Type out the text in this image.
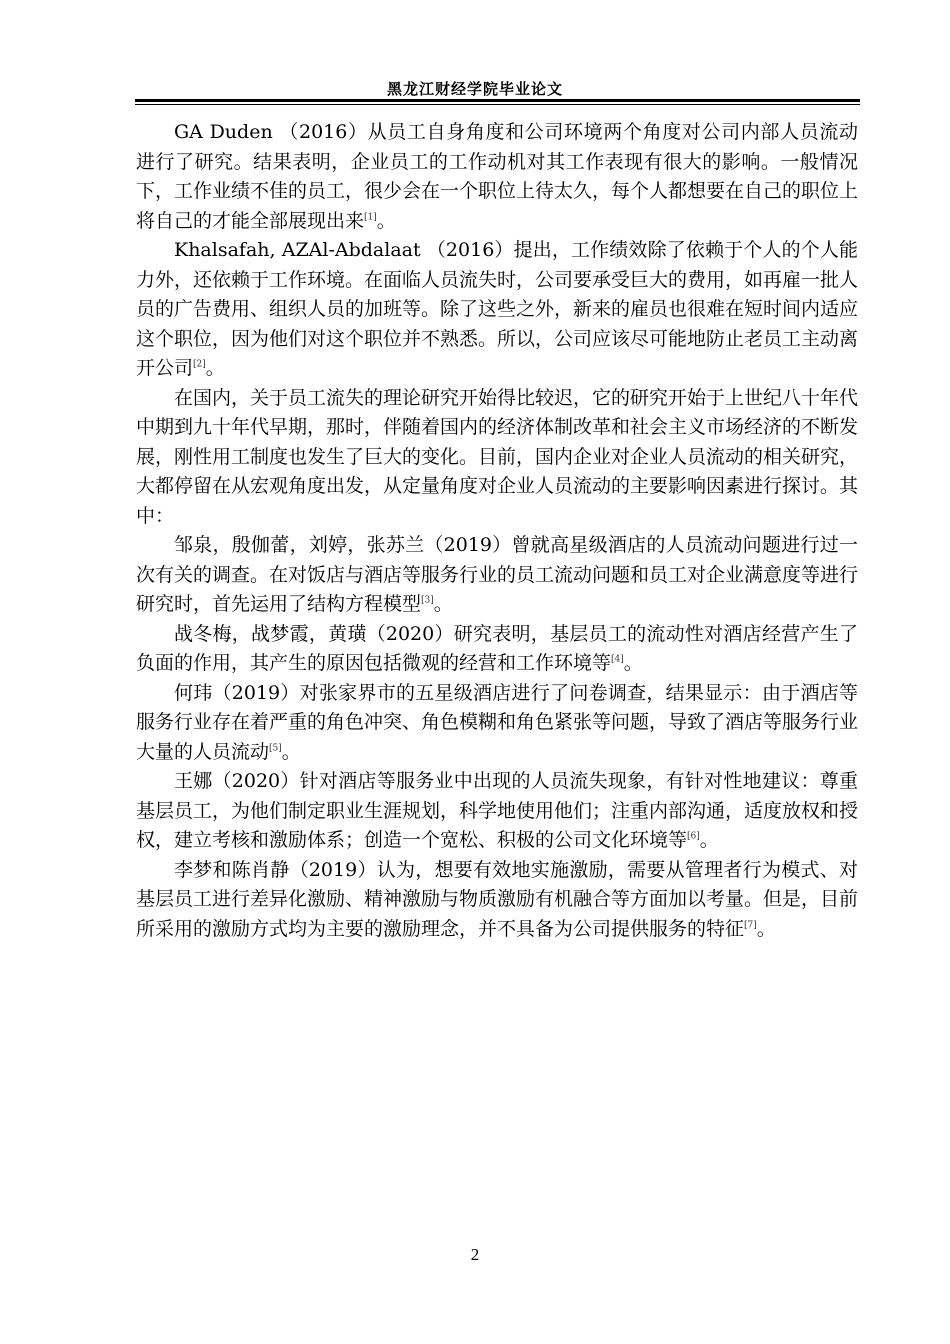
黑龙江财经学院毕业论文

GA Duden （2016）从员工自身角度和公司环境两个角度对公司内部人员流动进行了研究。结果表明，企业员工的工作动机对其工作表现有很大的影响。一般情况下，工作业绩不佳的员工，很少会在一个职位上待太久，每个人都想要在自己的职位上将自己的才能全部展现出来[1]。

Khalsafah, AZAl-Abdalaat （2016）提出，工作绩效除了依赖于个人的个人能力外，还依赖于工作环境。在面临人员流失时，公司要承受巨大的费用，如再雇一批人员的广告费用、组织人员的加班等。除了这些之外，新来的雇员也很难在短时间内适应这个职位，因为他们对这个职位并不熟悉。所以，公司应该尽可能地防止老员工主动离开公司[2]。

在国内，关于员工流失的理论研究开始得比较迟，它的研究开始于上世纪八十年代中期到九十年代早期，那时，伴随着国内的经济体制改革和社会主义市场经济的不断发展，刚性用工制度也发生了巨大的变化。目前，国内企业对企业人员流动的相关研究，大都停留在从宏观角度出发，从定量角度对企业人员流动的主要影响因素进行探讨。其中：

邹泉，殷伽蕾，刘婷，张苏兰（2019）曾就高星级酒店的人员流动问题进行过一次有关的调查。在对饭店与酒店等服务行业的员工流动问题和员工对企业满意度等进行研究时，首先运用了结构方程模型[3]。

战冬梅，战梦霞，黄璜（2020）研究表明，基层员工的流动性对酒店经营产生了负面的作用，其产生的原因包括微观的经营和工作环境等[4]。

何玮（2019）对张家界市的五星级酒店进行了问卷调查，结果显示：由于酒店等服务行业存在着严重的角色冲突、角色模糊和角色紧张等问题，导致了酒店等服务行业大量的人员流动[5]。

王娜（2020）针对酒店等服务业中出现的人员流失现象，有针对性地建议：尊重基层员工，为他们制定职业生涯规划，科学地使用他们；注重内部沟通，适度放权和授权，建立考核和激励体系；创造一个宽松、积极的公司文化环境等[6]。

李梦和陈肖静（2019）认为，想要有效地实施激励，需要从管理者行为模式、对基层员工进行差异化激励、精神激励与物质激励有机融合等方面加以考量。但是，目前所采用的激励方式均为主要的激励理念，并不具备为公司提供服务的特征[7]。

2
